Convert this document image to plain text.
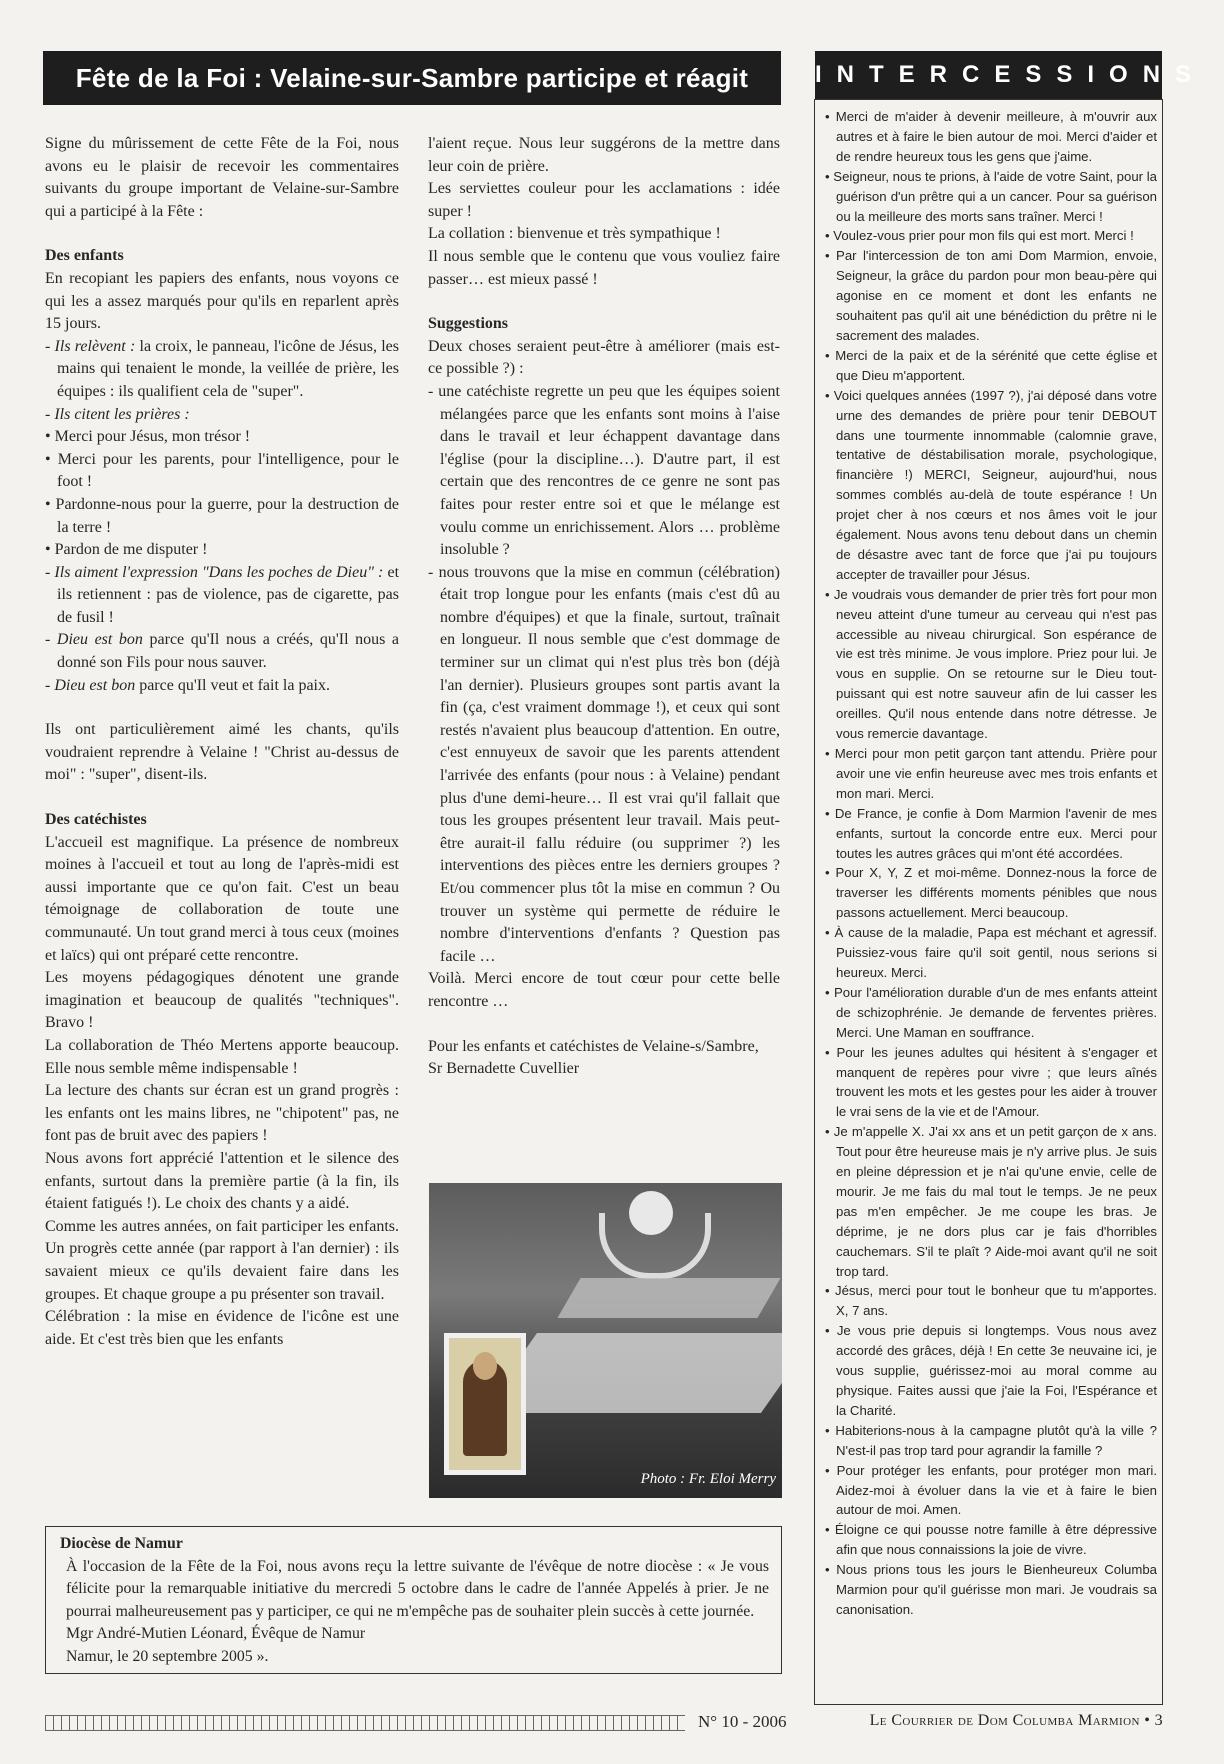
Fête de la Foi : Velaine-sur-Sambre participe et réagit

Signe du mûrissement de cette Fête de la Foi, nous avons eu le plaisir de recevoir les commentaires suivants du groupe important de Velaine-sur-Sambre qui a participé à la Fête :

Des enfants

En recopiant les papiers des enfants, nous voyons ce qui les a assez marqués pour qu'ils en reparlent après 15 jours.

- Ils relèvent : la croix, le panneau, l'icône de Jésus, les mains qui tenaient le monde, la veillée de prière, les équipes : ils qualifient cela de "super".

- Ils citent les prières :

• Merci pour Jésus, mon trésor !

• Merci pour les parents, pour l'intelligence, pour le foot !

• Pardonne-nous pour la guerre, pour la destruction de la terre !

• Pardon de me disputer !

- Ils aiment l'expression "Dans les poches de Dieu" : et ils retiennent : pas de violence, pas de cigarette, pas de fusil !

- Dieu est bon parce qu'Il nous a créés, qu'Il nous a donné son Fils pour nous sauver.

- Dieu est bon parce qu'Il veut et fait la paix.

Ils ont particulièrement aimé les chants, qu'ils voudraient reprendre à Velaine ! "Christ au-dessus de moi" : "super", disent-ils.

Des catéchistes

L'accueil est magnifique. La présence de nombreux moines à l'accueil et tout au long de l'après-midi est aussi importante que ce qu'on fait. C'est un beau témoignage de collaboration de toute une communauté. Un tout grand merci à tous ceux (moines et laïcs) qui ont préparé cette rencontre.

Les moyens pédagogiques dénotent une grande imagination et beaucoup de qualités "techniques". Bravo !

La collaboration de Théo Mertens apporte beaucoup. Elle nous semble même indispensable !

La lecture des chants sur écran est un grand progrès : les enfants ont les mains libres, ne "chipotent" pas, ne font pas de bruit avec des papiers !

Nous avons fort apprécié l'attention et le silence des enfants, surtout dans la première partie (à la fin, ils étaient fatigués !). Le choix des chants y a aidé.

Comme les autres années, on fait participer les enfants. Un progrès cette année (par rapport à l'an dernier) : ils savaient mieux ce qu'ils devaient faire dans les groupes. Et chaque groupe a pu présenter son travail.

Célébration : la mise en évidence de l'icône est une aide. Et c'est très bien que les enfants

l'aient reçue. Nous leur suggérons de la mettre dans leur coin de prière.

Les serviettes couleur pour les acclamations : idée super !

La collation : bienvenue et très sympathique !

Il nous semble que le contenu que vous vouliez faire passer… est mieux passé !

Suggestions

Deux choses seraient peut-être à améliorer (mais est-ce possible ?) :

- une catéchiste regrette un peu que les équipes soient mélangées parce que les enfants sont moins à l'aise dans le travail et leur échappent davantage dans l'église (pour la discipline…). D'autre part, il est certain que des rencontres de ce genre ne sont pas faites pour rester entre soi et que le mélange est voulu comme un enrichissement. Alors … problème insoluble ?

- nous trouvons que la mise en commun (célébration) était trop longue pour les enfants (mais c'est dû au nombre d'équipes) et que la finale, surtout, traînait en longueur. Il nous semble que c'est dommage de terminer sur un climat qui n'est plus très bon (déjà l'an dernier). Plusieurs groupes sont partis avant la fin (ça, c'est vraiment dommage !), et ceux qui sont restés n'avaient plus beaucoup d'attention. En outre, c'est ennuyeux de savoir que les parents attendent l'arrivée des enfants (pour nous : à Velaine) pendant plus d'une demi-heure… Il est vrai qu'il fallait que tous les groupes présentent leur travail. Mais peut-être aurait-il fallu réduire (ou supprimer ?) les interventions des pièces entre les derniers groupes ? Et/ou commencer plus tôt la mise en commun ? Ou trouver un système qui permette de réduire le nombre d'interventions d'enfants ? Question pas facile …

Voilà. Merci encore de tout cœur pour cette belle rencontre …

Pour les enfants et catéchistes de Velaine-s/Sambre,

Sr Bernadette Cuvellier

Photo : Fr. Eloi Merry
INTERCESSIONS

• Merci de m'aider à devenir meilleure, à m'ouvrir aux autres et à faire le bien autour de moi. Merci d'aider et de rendre heureux tous les gens que j'aime.

• Seigneur, nous te prions, à l'aide de votre Saint, pour la guérison d'un prêtre qui a un cancer. Pour sa guérison ou la meilleure des morts sans traîner. Merci !

• Voulez-vous prier pour mon fils qui est mort. Merci !

• Par l'intercession de ton ami Dom Marmion, envoie, Seigneur, la grâce du pardon pour mon beau-père qui agonise en ce moment et dont les enfants ne souhaitent pas qu'il ait une bénédiction du prêtre ni le sacrement des malades.

• Merci de la paix et de la sérénité que cette église et que Dieu m'apportent.

• Voici quelques années (1997 ?), j'ai déposé dans votre urne des demandes de prière pour tenir DEBOUT dans une tourmente innommable (calomnie grave, tentative de déstabilisation morale, psychologique, financière !) MERCI, Seigneur, aujourd'hui, nous sommes comblés au-delà de toute espérance ! Un projet cher à nos cœurs et nos âmes voit le jour également. Nous avons tenu debout dans un chemin de désastre avec tant de force que j'ai pu toujours accepter de travailler pour Jésus.

• Je voudrais vous demander de prier très fort pour mon neveu atteint d'une tumeur au cerveau qui n'est pas accessible au niveau chirurgical. Son espérance de vie est très minime. Je vous implore. Priez pour lui. Je vous en supplie. On se retourne sur le Dieu tout-puissant qui est notre sauveur afin de lui casser les oreilles. Qu'il nous entende dans notre détresse. Je vous remercie davantage.

• Merci pour mon petit garçon tant attendu. Prière pour avoir une vie enfin heureuse avec mes trois enfants et mon mari. Merci.

• De France, je confie à Dom Marmion l'avenir de mes enfants, surtout la concorde entre eux. Merci pour toutes les autres grâces qui m'ont été accordées.

• Pour X, Y, Z et moi-même. Donnez-nous la force de traverser les différents moments pénibles que nous passons actuellement. Merci beaucoup.

• À cause de la maladie, Papa est méchant et agressif. Puissiez-vous faire qu'il soit gentil, nous serions si heureux. Merci.

• Pour l'amélioration durable d'un de mes enfants atteint de schizophrénie. Je demande de ferventes prières. Merci. Une Maman en souffrance.

• Pour les jeunes adultes qui hésitent à s'engager et manquent de repères pour vivre ; que leurs aînés trouvent les mots et les gestes pour les aider à trouver le vrai sens de la vie et de l'Amour.

• Je m'appelle X. J'ai xx ans et un petit garçon de x ans. Tout pour être heureuse mais je n'y arrive plus. Je suis en pleine dépression et je n'ai qu'une envie, celle de mourir. Je me fais du mal tout le temps. Je ne peux pas m'en empêcher. Je me coupe les bras. Je déprime, je ne dors plus car je fais d'horribles cauchemars. S'il te plaît ? Aide-moi avant qu'il ne soit trop tard.

• Jésus, merci pour tout le bonheur que tu m'apportes. X, 7 ans.

• Je vous prie depuis si longtemps. Vous nous avez accordé des grâces, déjà ! En cette 3e neuvaine ici, je vous supplie, guérissez-moi au moral comme au physique. Faites aussi que j'aie la Foi, l'Espérance et la Charité.

• Habiterions-nous à la campagne plutôt qu'à la ville ? N'est-il pas trop tard pour agrandir la famille ?

• Pour protéger les enfants, pour protéger mon mari. Aidez-moi à évoluer dans la vie et à faire le bien autour de moi. Amen.

• Éloigne ce qui pousse notre famille à être dépressive afin que nous connaissions la joie de vivre.

• Nous prions tous les jours le Bienheureux Columba Marmion pour qu'il guérisse mon mari. Je voudrais sa canonisation.

Diocèse de Namur

À l'occasion de la Fête de la Foi, nous avons reçu la lettre suivante de l'évêque de notre diocèse : « Je vous félicite pour la remarquable initiative du mercredi 5 octobre dans le cadre de l'année Appelés à prier. Je ne pourrai malheureusement pas y participer, ce qui ne m'empêche pas de souhaiter plein succès à cette journée.

Mgr André-Mutien Léonard, Évêque de Namur

Namur, le 20 septembre 2005 ».

N° 10 - 2006	Le Courrier de Dom Columba Marmion • 3
